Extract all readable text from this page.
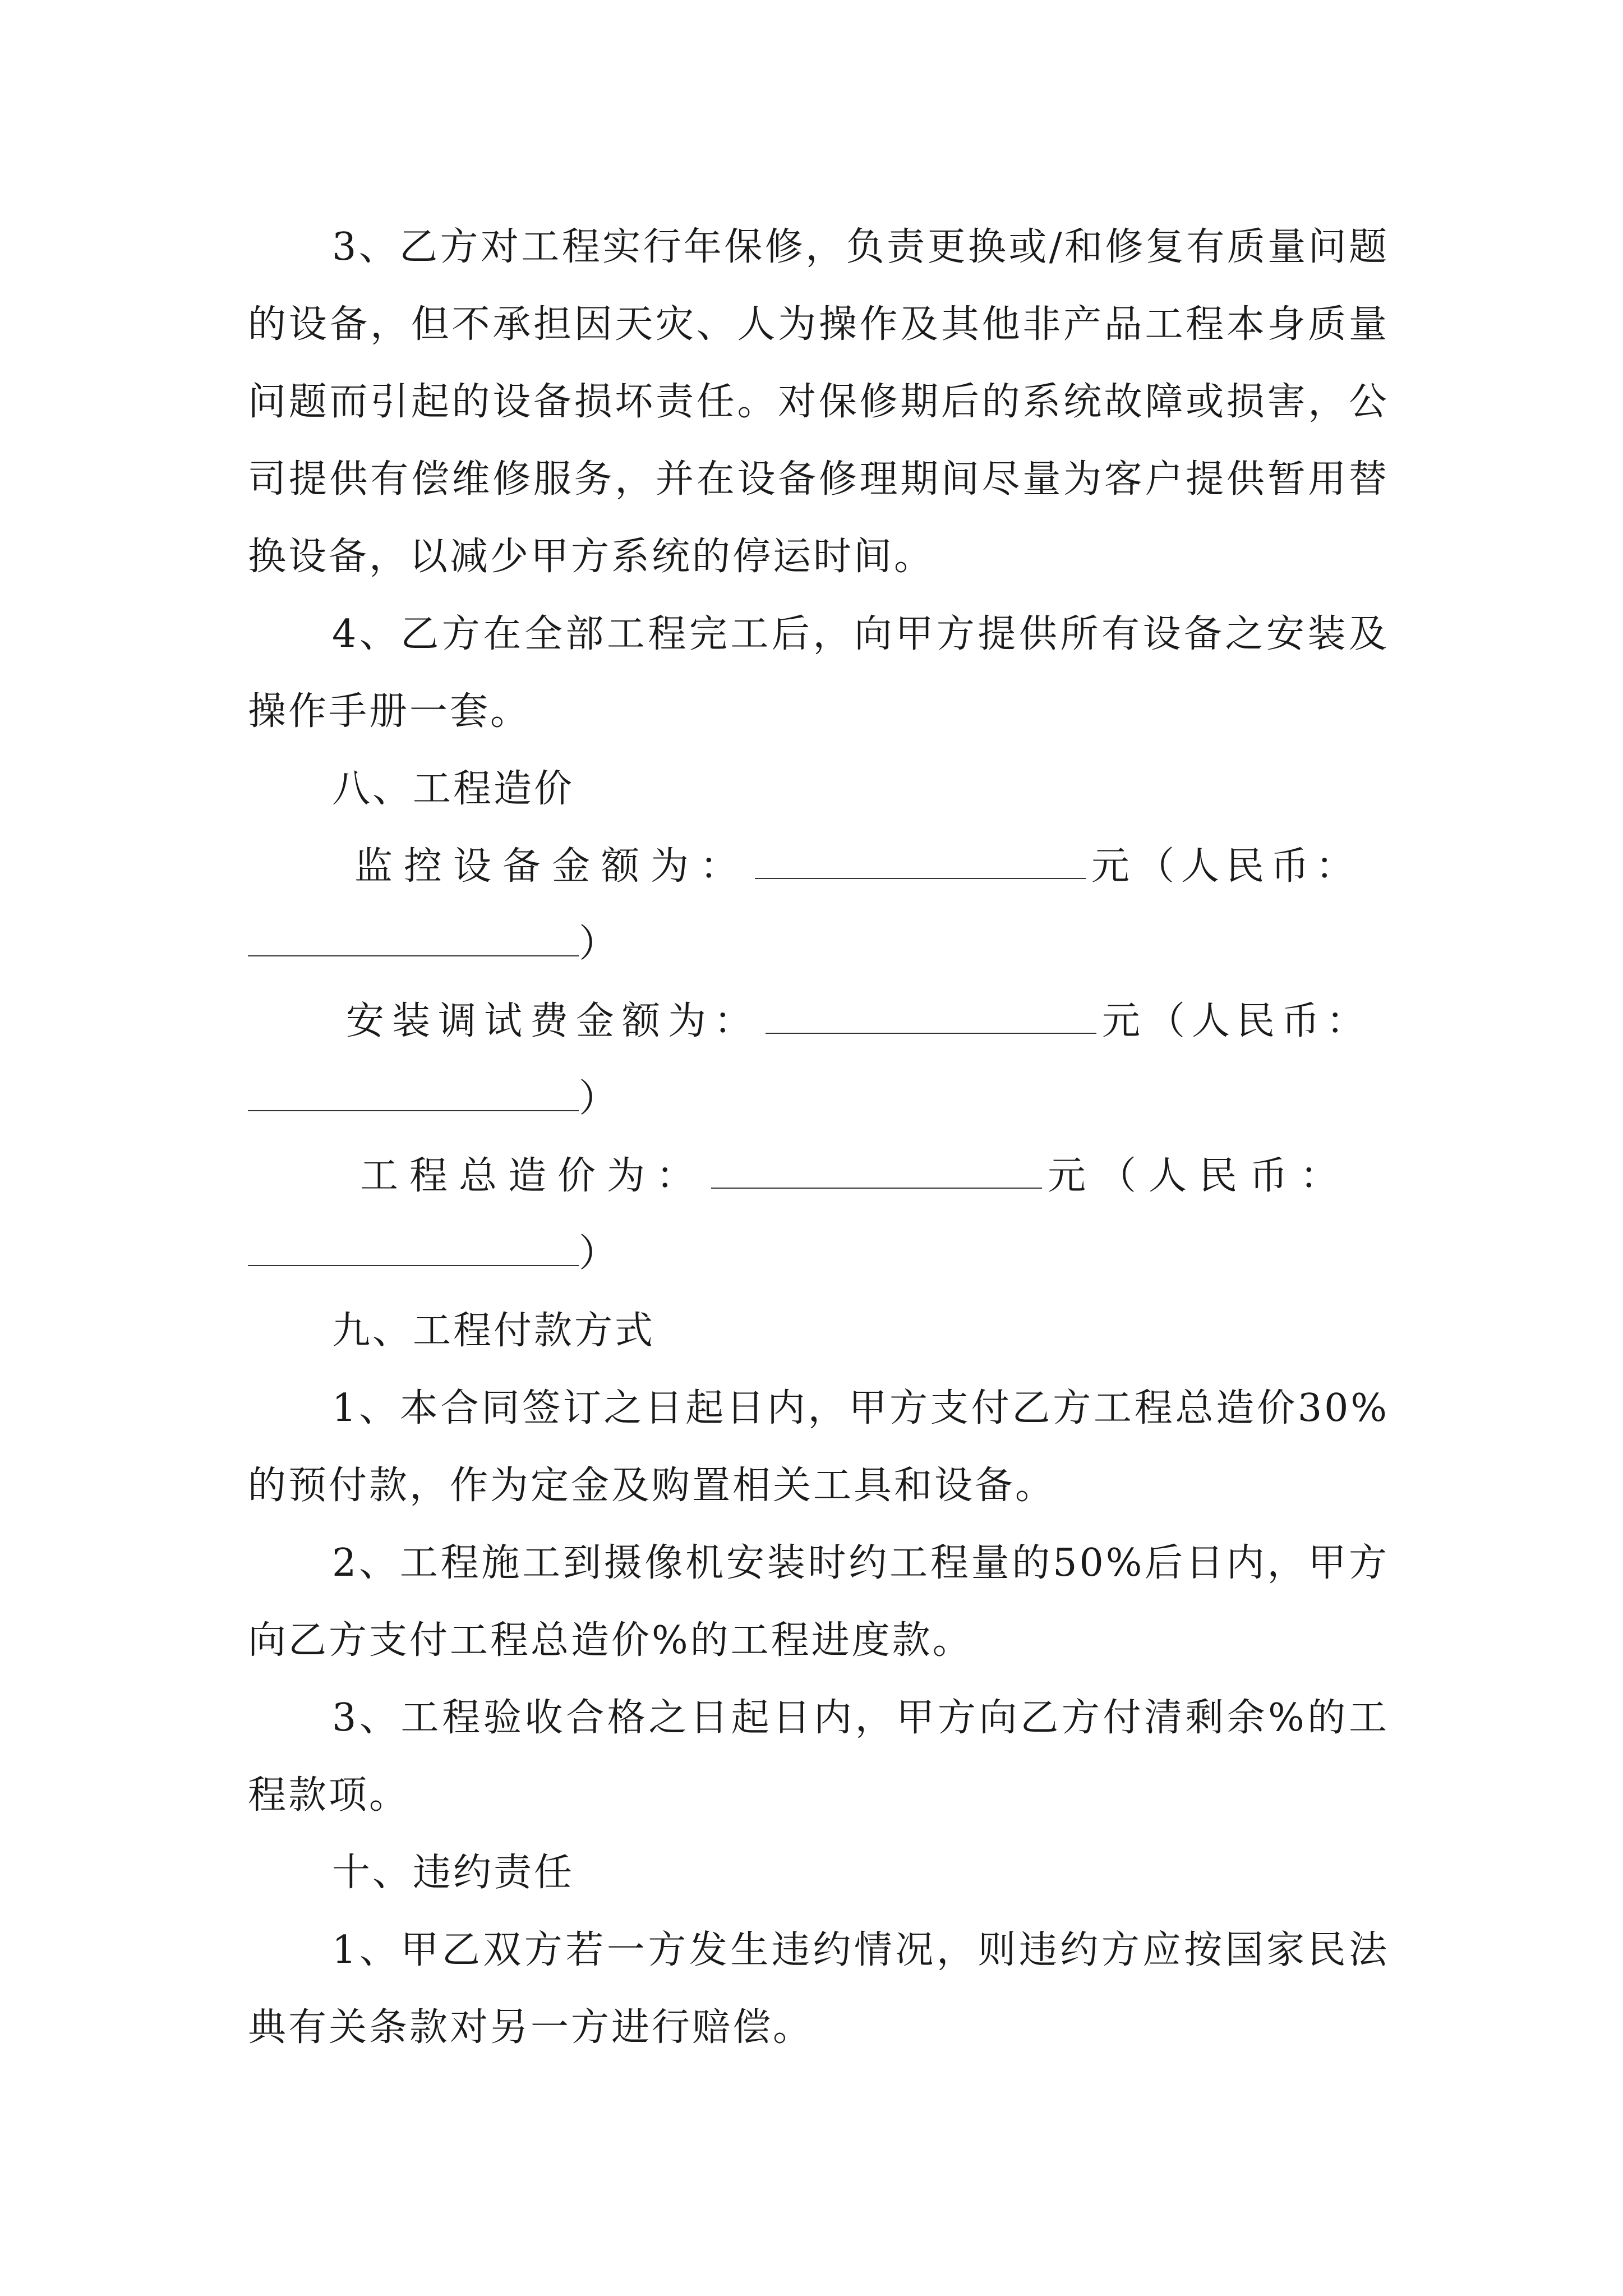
3、乙方对工程实行年保修，负责更换或/和修复有质量问题的设备，但不承担因天灾、人为操作及其他非产品工程本身质量问题而引起的设备损坏责任。对保修期后的系统故障或损害，公司提供有偿维修服务，并在设备修理期间尽量为客户提供暂用替换设备，以减少甲方系统的停运时间。

4、乙方在全部工程完工后，向甲方提供所有设备之安装及操作手册一套。

八、工程造价

监控设备金额为：	元（人民币：
）
安装调试费金额为：	元（人民币：
）
工程总造价为：	元（人民币：
）

九、工程付款方式

1、本合同签订之日起日内，甲方支付乙方工程总造价30%的预付款，作为定金及购置相关工具和设备。

2、工程施工到摄像机安装时约工程量的50%后日内，甲方向乙方支付工程总造价%的工程进度款。

3、工程验收合格之日起日内，甲方向乙方付清剩余%的工程款项。

十、违约责任

1、甲乙双方若一方发生违约情况，则违约方应按国家民法典有关条款对另一方进行赔偿。
